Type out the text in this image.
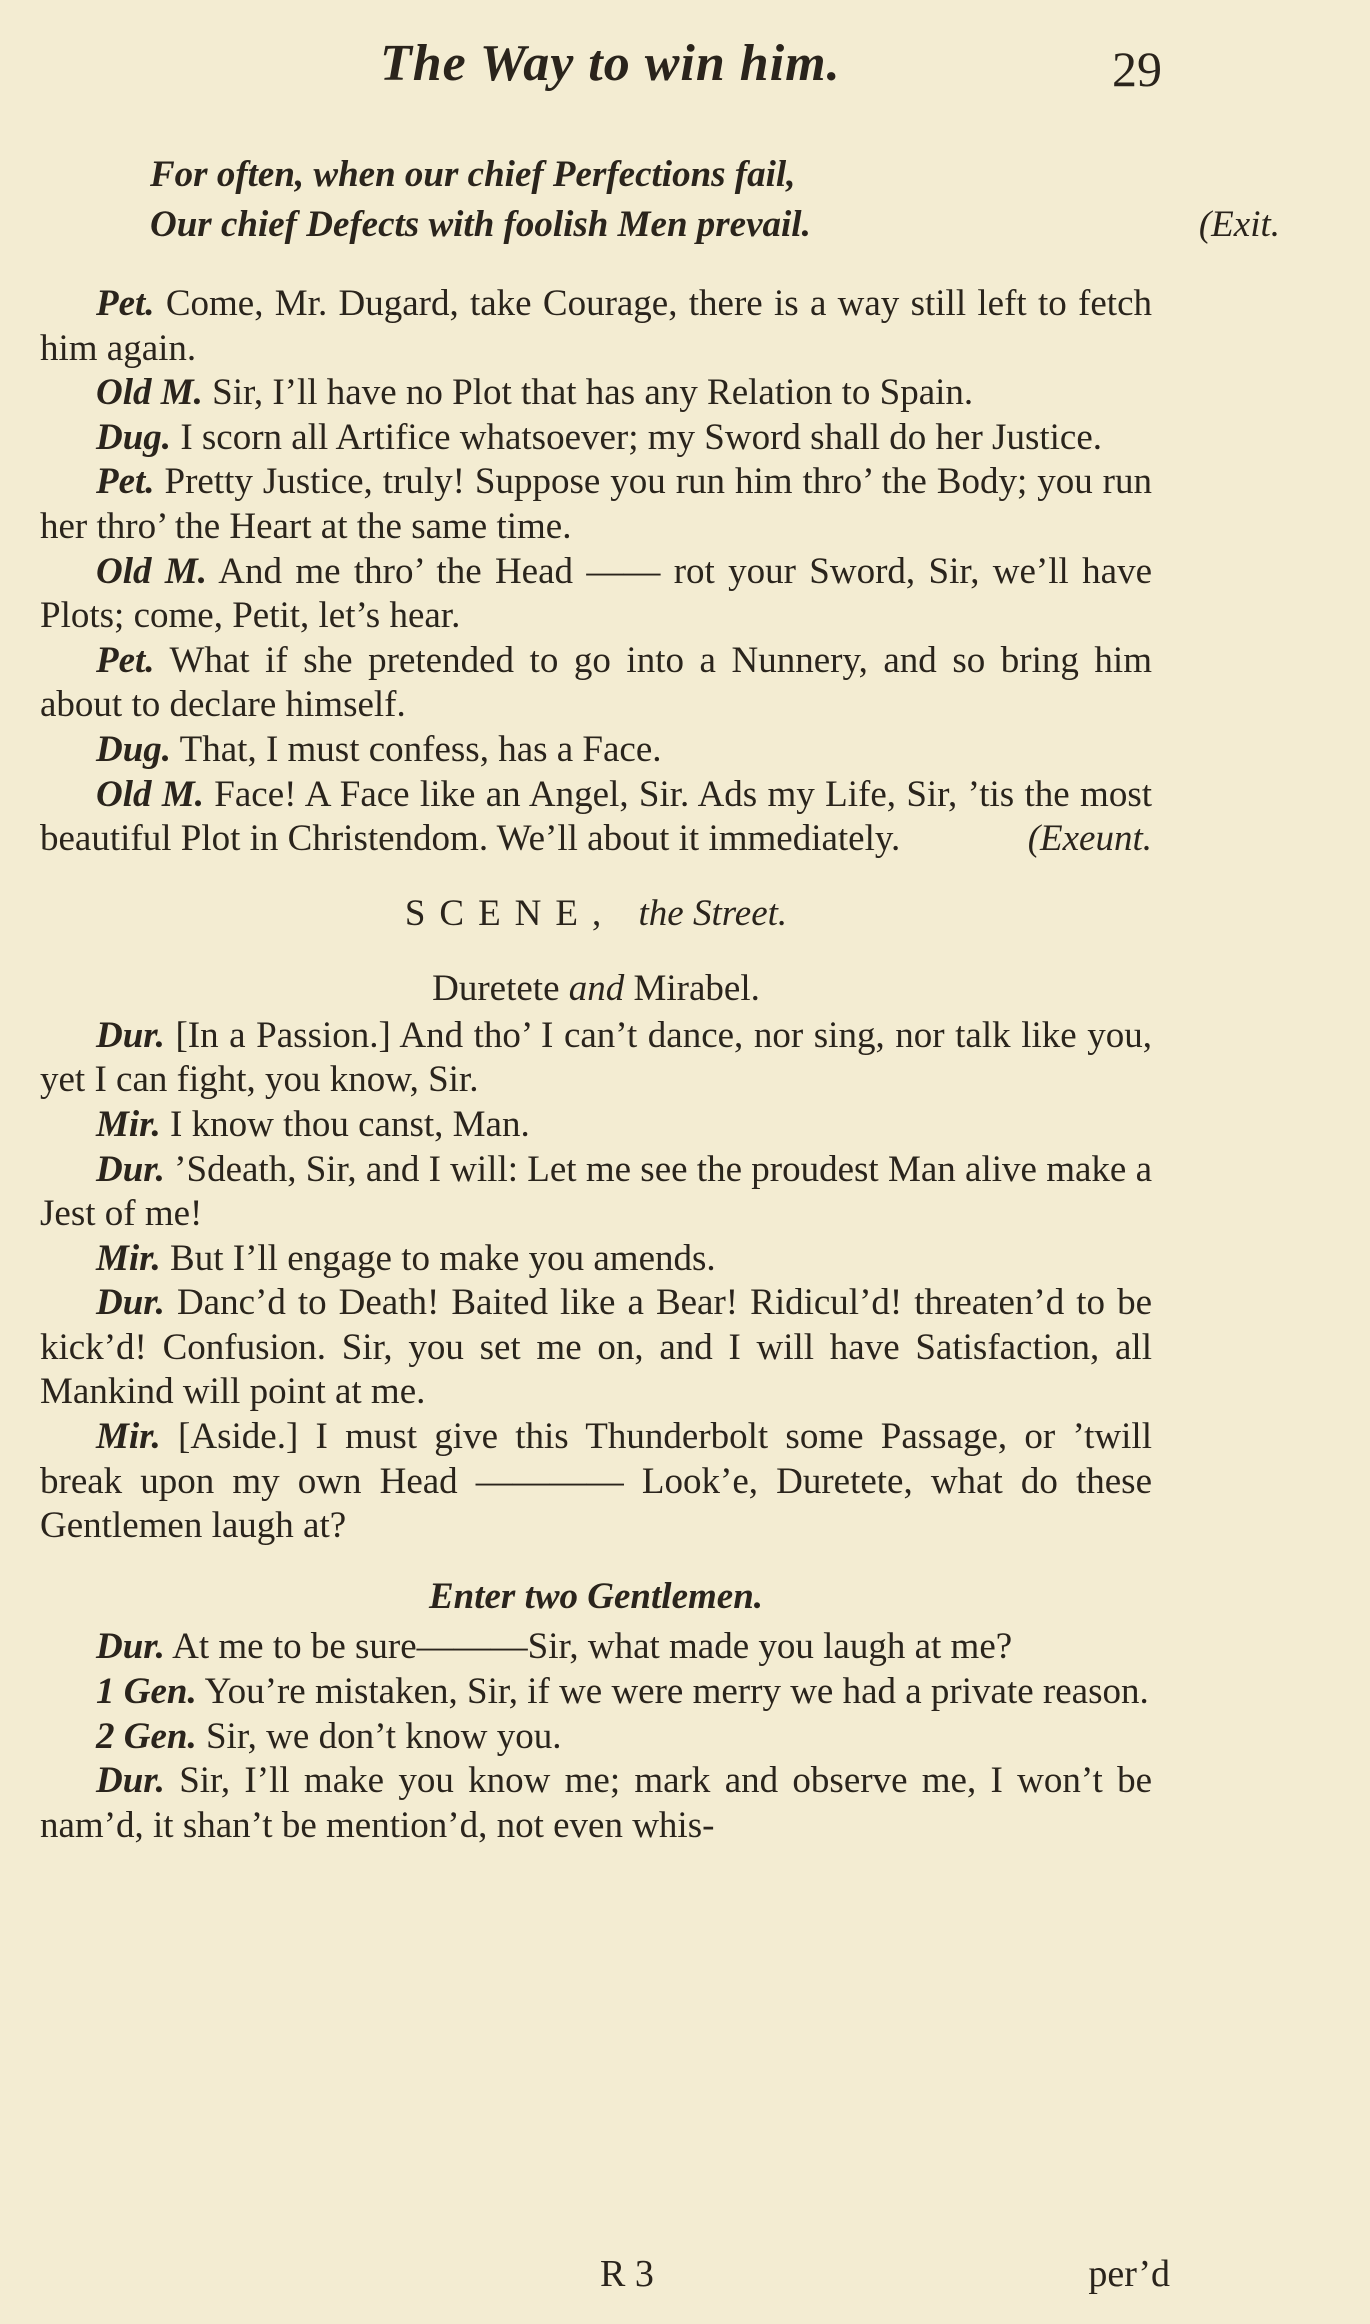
The Way to win him.	29
For often, when our chief Perfections fail,
Our chief Defects with foolish Men prevail.	(Exit.

Pet. Come, Mr. Dugard, take Courage, there is a way still left to fetch him again.

Old M. Sir, I’ll have no Plot that has any Relation to Spain.

Dug. I scorn all Artifice whatsoever; my Sword shall do her Justice.

Pet. Pretty Justice, truly! Suppose you run him thro’ the Body; you run her thro’ the Heart at the same time.

Old M. And me thro’ the Head —— rot your Sword, Sir, we’ll have Plots; come, Petit, let’s hear.

Pet. What if she pretended to go into a Nunnery, and so bring him about to declare himself.

Dug. That, I must confess, has a Face.

Old M. Face! A Face like an Angel, Sir. Ads my Life, Sir, ’tis the most beautiful Plot in Christendom. We’ll about it immediately.	(Exeunt.

SCENE, the Street.
Duretete and Mirabel.

Dur. [In a Passion.] And tho’ I can’t dance, nor sing, nor talk like you, yet I can fight, you know, Sir.

Mir. I know thou canst, Man.

Dur. ’Sdeath, Sir, and I will: Let me see the proudest Man alive make a Jest of me!

Mir. But I’ll engage to make you amends.

Dur. Danc’d to Death! Baited like a Bear! Ridicul’d! threaten’d to be kick’d! Confusion. Sir, you set me on, and I will have Satisfaction, all Mankind will point at me.

Mir. [Aside.] I must give this Thunderbolt some Passage, or ’twill break upon my own Head ———— Look’e, Duretete, what do these Gentlemen laugh at?

Enter two Gentlemen.

Dur. At me to be sure———Sir, what made you laugh at me?

1 Gen. You’re mistaken, Sir, if we were merry we had a private reason.

2 Gen. Sir, we don’t know you.

Dur. Sir, I’ll make you know me; mark and observe me, I won’t be nam’d, it shan’t be mention’d, not even whis-

R 3	per’d
